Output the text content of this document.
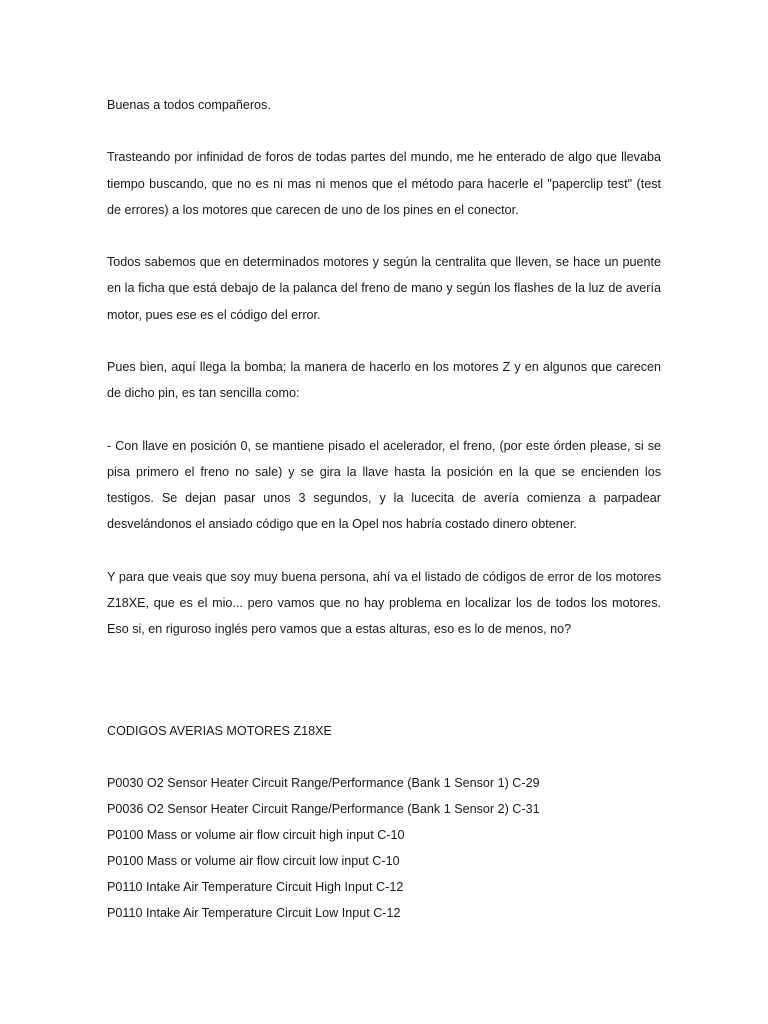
Buenas a todos compañeros.

Trasteando por infinidad de foros de todas partes del mundo, me he enterado de algo que llevaba tiempo buscando, que no es ni mas ni menos que el método para hacerle el "paperclip test" (test de errores) a los motores que carecen de uno de los pines en el conector.

Todos sabemos que en determinados motores y según la centralita que lleven, se hace un puente en la ficha que está debajo de la palanca del freno de mano y según los flashes de la luz de avería motor, pues ese es el código del error.

Pues bien, aquí llega la bomba; la manera de hacerlo en los motores Z y en algunos que carecen de dicho pin, es tan sencilla como:

- Con llave en posición 0, se mantiene pisado el acelerador, el freno, (por este órden please, si se pisa primero el freno no sale) y se gira la llave hasta la posición en la que se encienden los testigos. Se dejan pasar unos 3 segundos, y la lucecita de avería comienza a parpadear desvelándonos el ansiado código que en la Opel nos habría costado dinero obtener.

Y para que veais que soy muy buena persona, ahí va el listado de códigos de error de los motores Z18XE, que es el mio... pero vamos que no hay problema en localizar los de todos los motores. Eso si, en riguroso inglés pero vamos que a estas alturas, eso es lo de menos, no?

CODIGOS AVERIAS MOTORES Z18XE

P0030 O2 Sensor Heater Circuit Range/Performance (Bank 1 Sensor 1) C-29
P0036 O2 Sensor Heater Circuit Range/Performance (Bank 1 Sensor 2) C-31
P0100 Mass or volume air flow circuit high input C-10
P0100 Mass or volume air flow circuit low input C-10
P0110 Intake Air Temperature Circuit High Input C-12
P0110 Intake Air Temperature Circuit Low Input C-12
